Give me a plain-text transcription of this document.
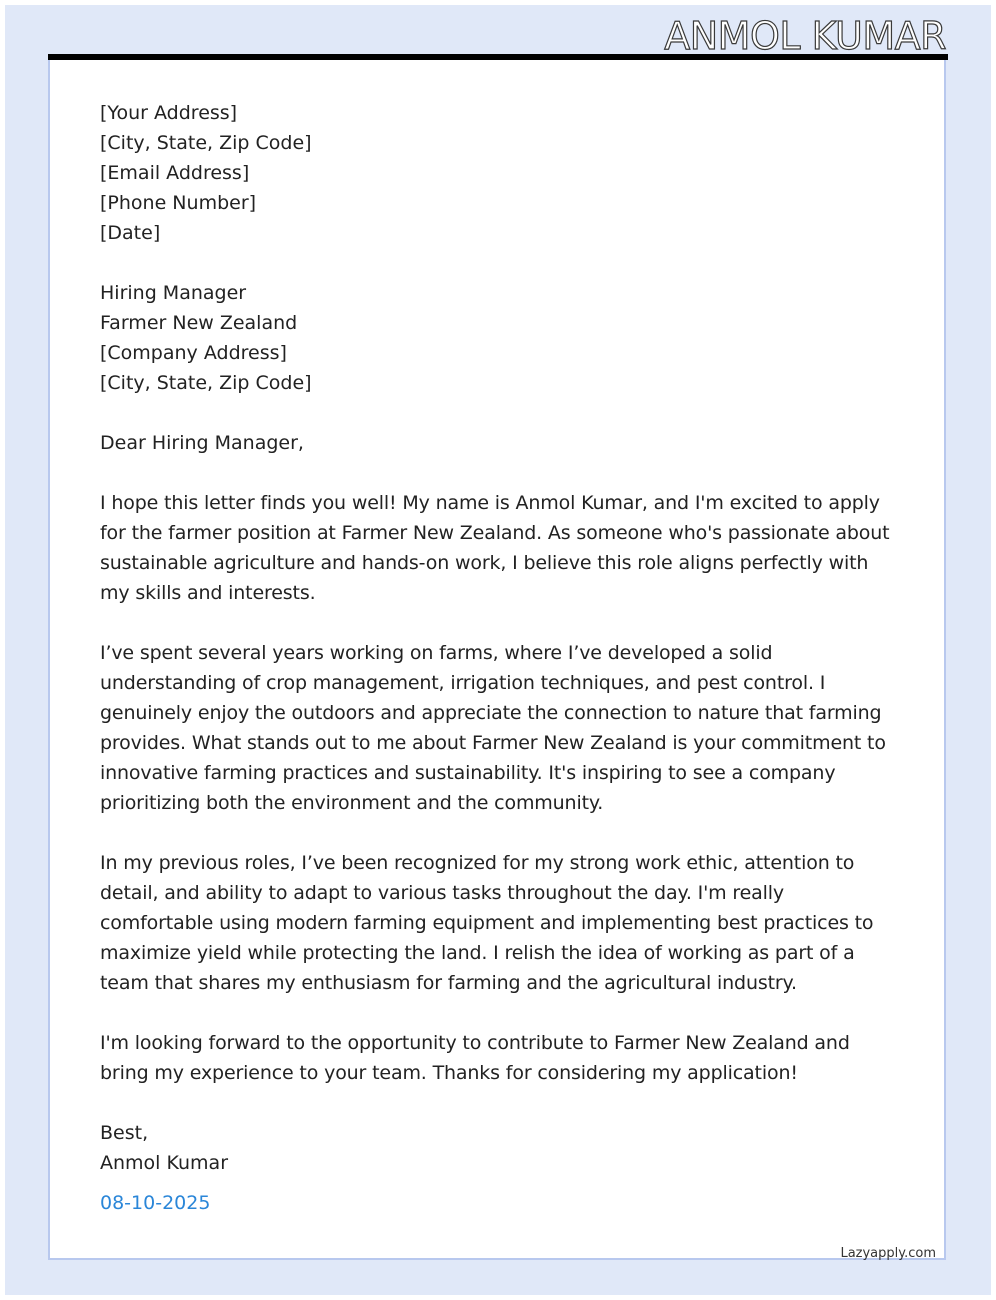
ANMOL KUMAR
[Your Address]
[City, State, Zip Code]
[Email Address]
[Phone Number]
[Date]
Hiring Manager
Farmer New Zealand
[Company Address]
[City, State, Zip Code]
Dear Hiring Manager,

I hope this letter finds you well! My name is Anmol Kumar, and I'm excited to apply for the farmer position at Farmer New Zealand. As someone who's passionate about sustainable agriculture and hands-on work, I believe this role aligns perfectly with my skills and interests.

I’ve spent several years working on farms, where I’ve developed a solid understanding of crop management, irrigation techniques, and pest control. I genuinely enjoy the outdoors and appreciate the connection to nature that farming provides. What stands out to me about Farmer New Zealand is your commitment to innovative farming practices and sustainability. It's inspiring to see a company prioritizing both the environment and the community.

In my previous roles, I’ve been recognized for my strong work ethic, attention to detail, and ability to adapt to various tasks throughout the day. I'm really comfortable using modern farming equipment and implementing best practices to maximize yield while protecting the land. I relish the idea of working as part of a team that shares my enthusiasm for farming and the agricultural industry.

I'm looking forward to the opportunity to contribute to Farmer New Zealand and bring my experience to your team. Thanks for considering my application!

Best,
Anmol Kumar
08-10-2025
Lazyapply.com
